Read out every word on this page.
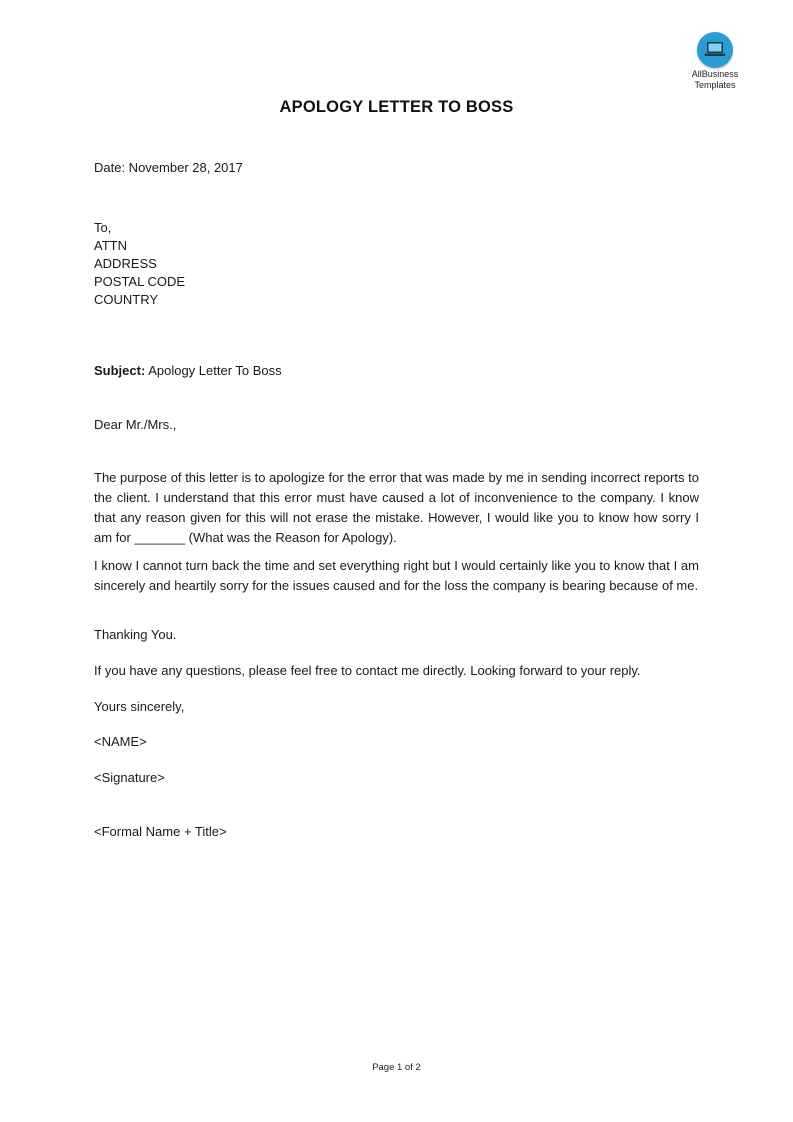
AllBusiness
Templates
APOLOGY LETTER TO BOSS
Date: November 28, 2017
To,
ATTN
ADDRESS
POSTAL CODE
COUNTRY
Subject: Apology Letter To Boss
Dear Mr./Mrs.,
The purpose of this letter is to apologize for the error that was made by me in sending incorrect reports to the client. I understand that this error must have caused a lot of inconvenience to the company. I know that any reason given for this will not erase the mistake. However, I would like you to know how sorry I am for _______ (What was the Reason for Apology).
I know I cannot turn back the time and set everything right but I would certainly like you to know that I am sincerely and heartily sorry for the issues caused and for the loss the company is bearing because of me.
Thanking You.
If you have any questions, please feel free to contact me directly. Looking forward to your reply.
Yours sincerely,
<NAME>
<Signature>
<Formal Name + Title>
Page 1 of 2
